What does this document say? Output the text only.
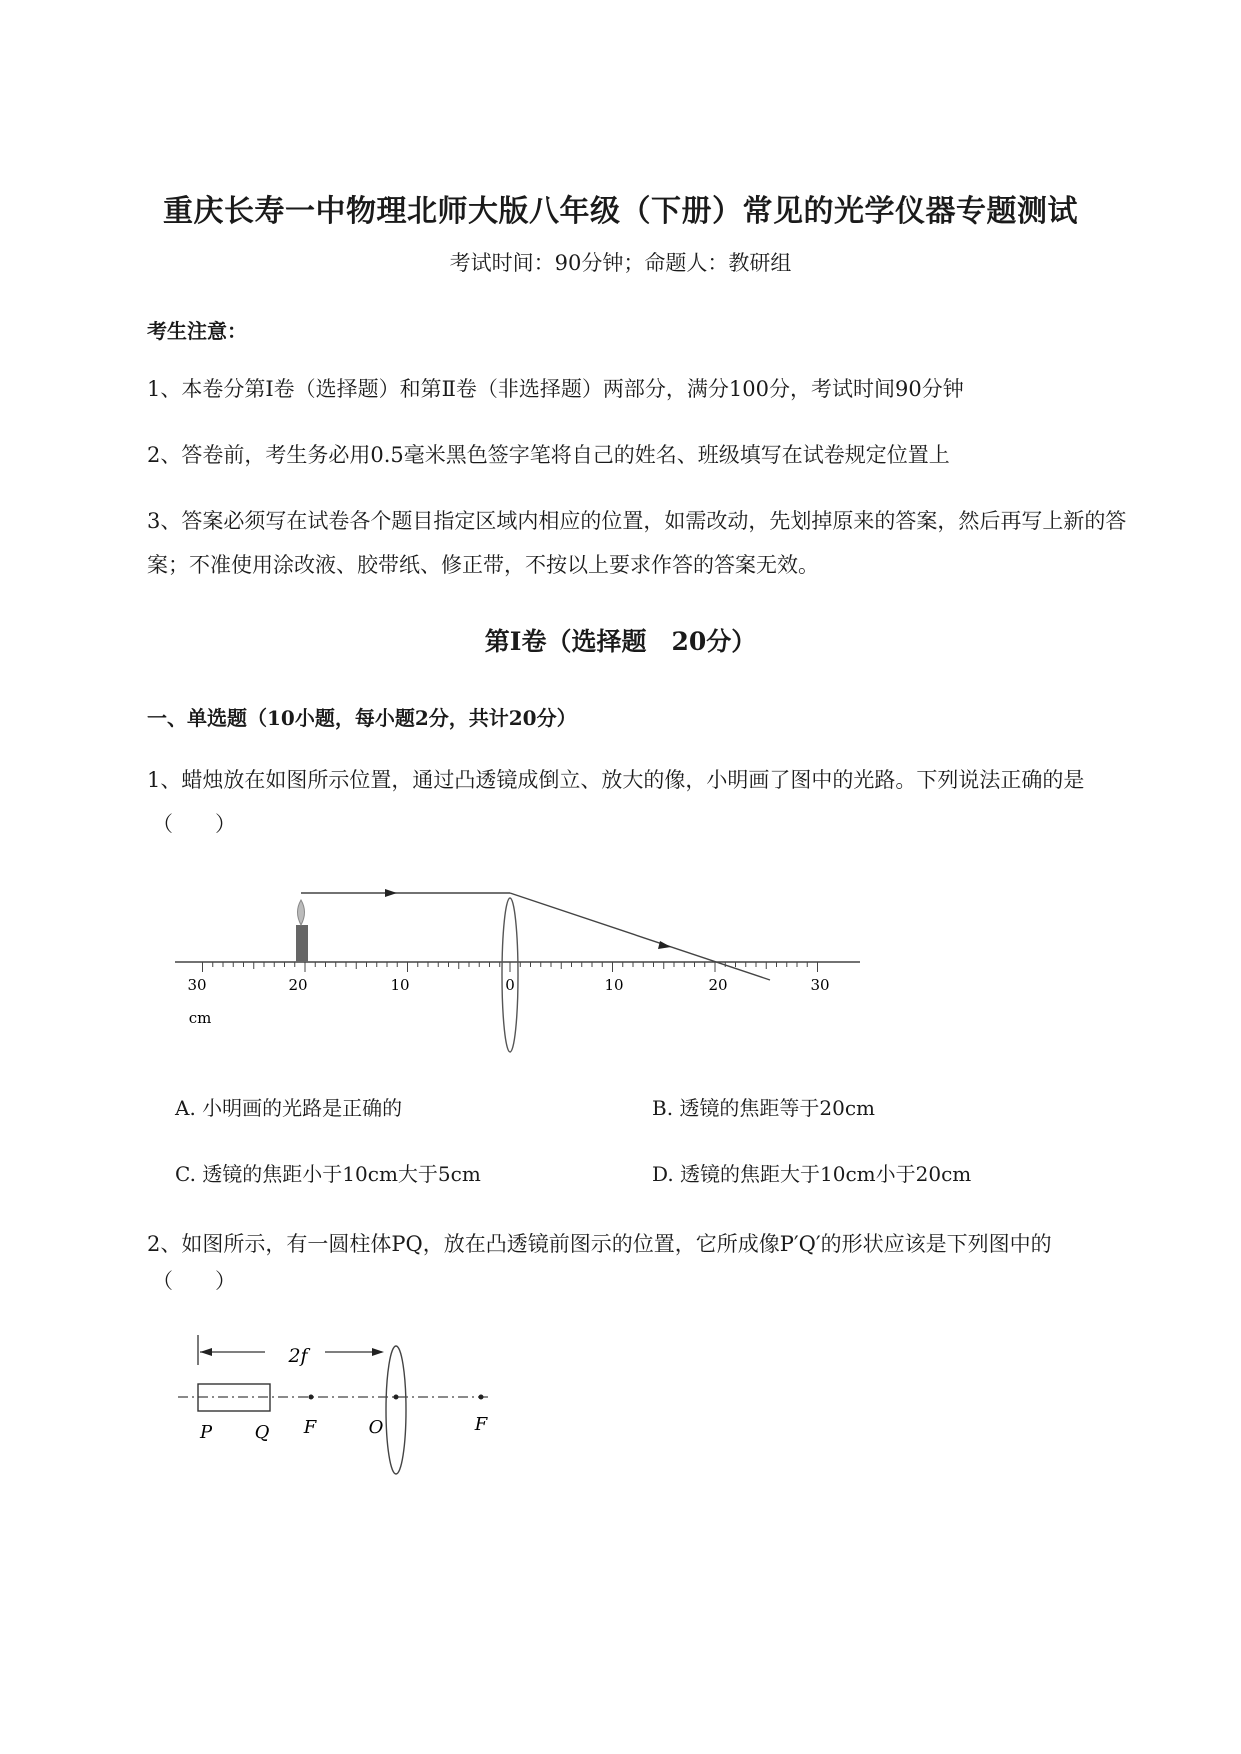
重庆长寿一中物理北师大版八年级（下册）常见的光学仪器专题测试
考试时间：90分钟；命题人：教研组
考生注意：
1、本卷分第I卷（选择题）和第Ⅱ卷（非选择题）两部分，满分100分，考试时间90分钟
2、答卷前，考生务必用0.5毫米黑色签字笔将自己的姓名、班级填写在试卷规定位置上
3、答案必须写在试卷各个题目指定区域内相应的位置，如需改动，先划掉原来的答案，然后再写上新的答案；不准使用涂改液、胶带纸、修正带，不按以上要求作答的答案无效。
第I卷（选择题　20分）
一、单选题（10小题，每小题2分，共计20分）
1、蜡烛放在如图所示位置，通过凸透镜成倒立、放大的像，小明画了图中的光路。下列说法正确的是
（　　）
30	20	10	0	10	20	30
cm
A. 小明画的光路是正确的	B. 透镜的焦距等于20cm
C. 透镜的焦距小于10cm大于5cm	D. 透镜的焦距大于10cm小于20cm
2、如图所示，有一圆柱体PQ，放在凸透镜前图示的位置，它所成像P′Q′的形状应该是下列图中的
（　　）
2f
P Q F	O	F
